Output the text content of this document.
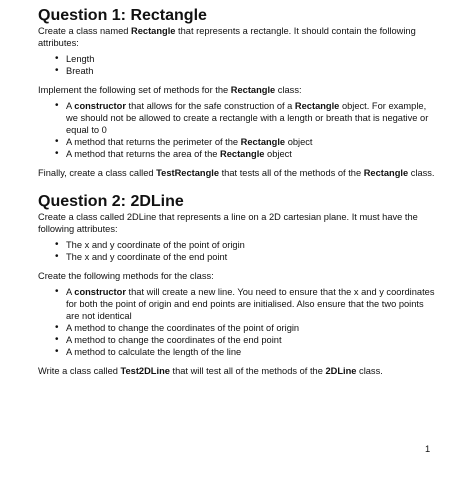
Question 1: Rectangle

Create a class named Rectangle that represents a rectangle. It should contain the following attributes:

• Length
• Breath

Implement the following set of methods for the Rectangle class:

• A constructor that allows for the safe construction of a Rectangle object. For example, we should not be allowed to create a rectangle with a length or breath that is negative or equal to 0
• A method that returns the perimeter of the Rectangle object
• A method that returns the area of the Rectangle object

Finally, create a class called TestRectangle that tests all of the methods of the Rectangle class.

Question 2: 2DLine

Create a class called 2DLine that represents a line on a 2D cartesian plane. It must have the following attributes:

• The x and y coordinate of the point of origin
• The x and y coordinate of the end point

Create the following methods for the class:

• A constructor that will create a new line. You need to ensure that the x and y coordinates for both the point of origin and end points are initialised. Also ensure that the two points are not identical
• A method to change the coordinates of the point of origin
• A method to change the coordinates of the end point
• A method to calculate the length of the line

Write a class called Test2DLine that will test all of the methods of the 2DLine class.

1
